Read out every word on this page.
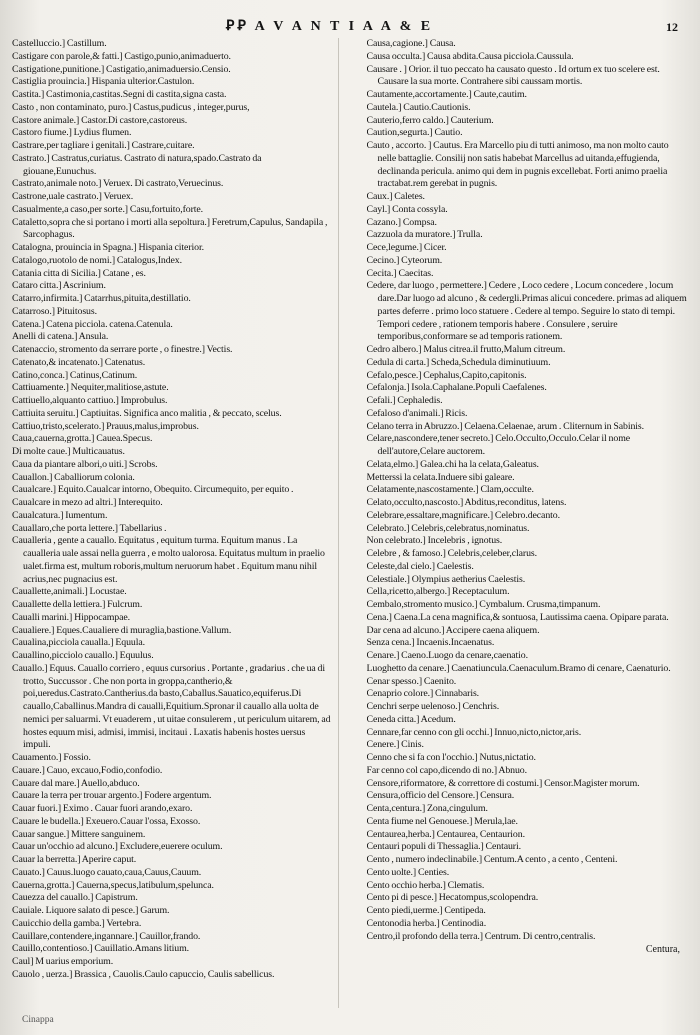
ꝐꝐ A V A N T I A A & E	12

Castelluccio.] Castillum.

Castigare con parole,& fatti.] Castigo,punio,animaduerto.

Castigatione,punitione.] Castigatio,animaduersio.Censio.

Castiglia prouincia.] Hispania ulterior.Castulon.

Castita.] Castimonia,castitas.Segni di castita,signa casta.

Casto , non contaminato, puro.] Castus,pudicus , integer,purus,

Castore animale.] Castor.Di castore,castoreus.

Castoro fiume.] Lydius flumen.

Castrare,per tagliare i genitali.] Castrare,cuitare.

Castrato.] Castratus,curiatus. Castrato di natura,spado.Castrato da giouane,Eunuchus.

Castrato,animale noto.] Veruex. Di castrato,Veruecinus.

Castrone,uale castrato.] Veruex.

Casualmente,a caso,per sorte.] Casu,fortuito,forte.

Cataletto,sopra che si portano i morti alla sepoltura.] Feretrum,Capulus, Sandapila , Sarcophagus.

Catalogna, prouincia in Spagna.] Hispania citerior.

Catalogo,ruotolo de nomi.] Catalogus,Index.

Catania citta di Sicilia.] Catane , es.

Cataro citta.] Ascrinium.

Catarro,infirmita.] Catarrhus,pituita,destillatio.

Catarroso.] Pituitosus.

Catena.] Catena picciola. catena.Catenula.

Anelli di catena.] Ansula.

Catenaccio, stromento da serrare porte , o finestre.] Vectis.

Catenato,& incatenato.] Catenatus.

Catino,conca.] Catinus,Catinum.

Cattiuamente.] Nequiter,malitiose,astute.

Cattiuello,alquanto cattiuo.] Improbulus.

Cattiuita seruitu.] Captiuitas. Significa anco malitia , & peccato, scelus.

Cattiuo,tristo,scelerato.] Prauus,malus,improbus.

Caua,cauerna,grotta.] Cauea.Specus.

Di molte caue.] Multicauatus.

Caua da piantare albori,o uiti.] Scrobs.

Cauallon.] Caballiorum colonia.

Caualcare.] Equito.Caualcar intorno, Obequito. Circumequito, per equito .

Caualcare in mezo ad altri.] Interequito.

Caualcatura.] Iumentum.

Cauallaro,che porta lettere.] Tabellarius .

Caualleria , gente a cauallo. Equitatus , equitum turma. Equitum manus . La caualleria uale assai nella guerra , e molto ualorosa. Equitatus multum in praelio ualet.firma est, multum roboris,multum neruorum habet . Equitum manu nihil acrius,nec pugnacius est.

Cauallette,animali.] Locustae.

Cauallette della lettiera.] Fulcrum.

Caualli marini.] Hippocampae.

Caualiere.] Eques.Caualiere di muraglia,bastione.Vallum.

Caualina,picciola caualla.] Equula.

Cauallino,picciolo cauallo.] Equulus.

Cauallo.] Equus. Cauallo corriero , equus cursorius . Portante , gradarius . che ua di trotto, Succussor . Che non porta in groppa,cantherio,& poi,ueredus.Castrato.Cantherius.da basto,Caballus.Sauatico,equiferus.Di cauallo,Caballinus.Mandra di caualli,Equitium.Spronar il cauallo alla uolta de nemici per saluarmi. Vt euaderem , ut uitae consulerem , ut periculum uitarem, ad hostes equum misi, admisi, immisi, incitaui . Laxatis habenis hostes uersus impuli.

Cauamento.] Fossio.

Cauare.] Cauo, excauo,Fodio,confodio.

Cauare dal mare.] Auello,abduco.

Cauare la terra per trouar argento.] Fodere argentum.

Cauar fuori.] Eximo . Cauar fuori arando,exaro.

Cauare le budella.] Exeuero.Cauar l'ossa, Exosso.

Cauar sangue.] Mittere sanguinem.

Cauar un'occhio ad alcuno.] Excludere,euerere oculum.

Cauar la berretta.] Aperire caput.

Cauato.] Cauus.luogo cauato,caua,Cauus,Cauum.

Cauerna,grotta.] Cauerna,specus,latibulum,spelunca.

Cauezza del cauallo.] Capistrum.

Cauiale. Liquore salato di pesce.] Garum.

Cauicchio della gamba.] Vertebra.

Cauillare,contendere,ingannare.] Cauillor,frando.

Cauillo,contentioso.] Cauillatio.Amans litium.

Caul] M uarius emporium.

Cauolo , uerza.] Brassica , Cauolis.Caulo capuccio, Caulis sabellicus.

Causa,cagione.] Causa.

Causa occulta.] Causa abdita.Causa picciola.Caussula.

Causare . ] Orior. il tuo peccato ha causato questo . Id ortum ex tuo scelere est. Causare la sua morte. Contrahere sibi caussam mortis.

Cautamente,accortamente.] Caute,cautim.

Cautela.] Cautio.Cautionis.

Cauterio,ferro caldo.] Cauterium.

Caution,segurta.] Cautio.

Cauto , accorto. ] Cautus. Era Marcello piu di tutti animoso, ma non molto cauto nelle battaglie. Consilij non satis habebat Marcellus ad uitanda,effugienda, declinanda pericula. animo qui dem in pugnis excellebat. Forti animo praelia tractabat.rem gerebat in pugnis.

Caux.] Caletes.

Cayl.] Conta cossyla.

Cazano.] Compsa.

Cazzuola da muratore.] Trulla.

Cece,legume.] Cicer.

Cecino.] Cyteorum.

Cecita.] Caecitas.

Cedere, dar luogo , permettere.] Cedere , Loco cedere , Locum concedere , locum dare.Dar luogo ad alcuno , & cedergli.Primas alicui concedere. primas ad aliquem partes deferre . primo loco statuere . Cedere al tempo. Seguire lo stato di tempi. Tempori cedere , rationem temporis habere . Consulere , seruire temporibus,conformare se ad temporis rationem.

Cedro albero.] Malus citrea.il frutto,Malum citreum.

Cedula di carta.] Scheda,Schedula diminutiuum.

Cefalo,pesce.] Cephalus,Capito,capitonis.

Cefalonja.] Isola.Caphalane.Populi Caefalenes.

Cefali.] Cephaledis.

Cefaloso d'animali.] Ricis.

Celano terra in Abruzzo.] Celaena.Celaenae, arum . Cliternum in Sabinis.

Celare,nascondere,tener secreto.] Celo.Occulto,Occulo.Celar il nome dell'autore,Celare auctorem.

Celata,elmo.] Galea.chi ha la celata,Galeatus.

Metterssi la celata.Induere sibi galeare.

Celatamente,nascostamente.] Clam,occulte.

Celato,occulto,nascosto.] Abditus,reconditus, latens.

Celebrare,essaltare,magnificare.] Celebro.decanto.

Celebrato.] Celebris,celebratus,nominatus.

Non celebrato.] Incelebris , ignotus.

Celebre , & famoso.] Celebris,celeber,clarus.

Celeste,dal cielo.] Caelestis.

Celestiale.] Olympius aetherius Caelestis.

Cella,ricetto,albergo.] Receptaculum.

Cembalo,stromento musico.] Cymbalum. Crusma,timpanum.

Cena.] Caena.La cena magnifica,& sontuosa, Lautissima caena. Opipare parata.

Dar cena ad alcuno.] Accipere caena aliquem.

Senza cena.] Incaenis.Incaenatus.

Cenare.] Caeno.Luogo da cenare,caenatio.

Luoghetto da cenare.] Caenatiuncula.Caenaculum.Bramo di cenare, Caenaturio.

Cenar spesso.] Caenito.

Cenaprio colore.] Cinnabaris.

Cenchri serpe uelenoso.] Cenchris.

Ceneda citta.] Acedum.

Cennare,far cenno con gli occhi.] Innuo,nicto,nictor,aris.

Cenere.] Cinis.

Cenno che si fa con l'occhio.] Nutus,nictatio.

Far cenno col capo,dicendo di no.] Abnuo.

Censore,riformatore, & correttore di costumi.] Censor.Magister morum.

Censura,officio del Censore.] Censura.

Centa,centura.] Zona,cingulum.

Centa fiume nel Genouese.] Merula,lae.

Centaurea,herba.] Centaurea, Centaurion.

Centauri populi di Thessaglia.] Centauri.

Cento , numero indeclinabile.] Centum.A cento , a cento , Centeni.

Cento uolte.] Centies.

Cento occhio herba.] Clematis.

Cento pi di pesce.] Hecatompus,scolopendra.

Cento piedi,uerme.] Centipeda.

Centonodia herba.] Centinodia.

Centro,il profondo della terra.] Centrum. Di centro,centralis.

Centura,
Cinappa
